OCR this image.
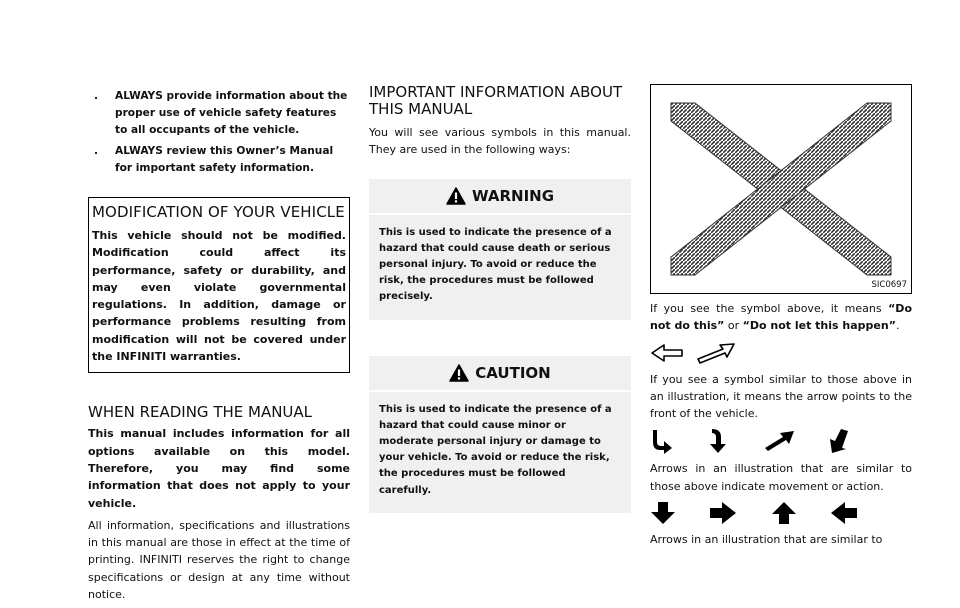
.	ALWAYS provide information about the proper use of vehicle safety features to all occupants of the vehicle.
.	ALWAYS review this Owner’s Manual for important safety information.
MODIFICATION OF YOUR VEHICLE

This vehicle should not be modified. Modification could affect its performance, safety or durability, and may even violate governmental regulations. In addition, damage or performance problems resulting from modification will not be covered under the INFINITI warranties.

WHEN READING THE MANUAL

This manual includes information for all options available on this model. Therefore, you may find some information that does not apply to your vehicle.

All information, specifications and illustrations in this manual are those in effect at the time of printing. INFINITI reserves the right to change specifications or design at any time without notice.

IMPORTANT INFORMATION ABOUT THIS MANUAL

You will see various symbols in this manual. They are used in the following ways:

WARNING
This is used to indicate the presence of a hazard that could cause death or serious personal injury. To avoid or reduce the risk, the procedures must be followed precisely.
CAUTION
This is used to indicate the presence of a hazard that could cause minor or moderate personal injury or damage to your vehicle. To avoid or reduce the risk, the procedures must be followed carefully.
SIC0697

If you see the symbol above, it means “Do not do this” or “Do not let this happen”.

If you see a symbol similar to those above in an illustration, it means the arrow points to the front of the vehicle.

Arrows in an illustration that are similar to those above indicate movement or action.

Arrows in an illustration that are similar to
